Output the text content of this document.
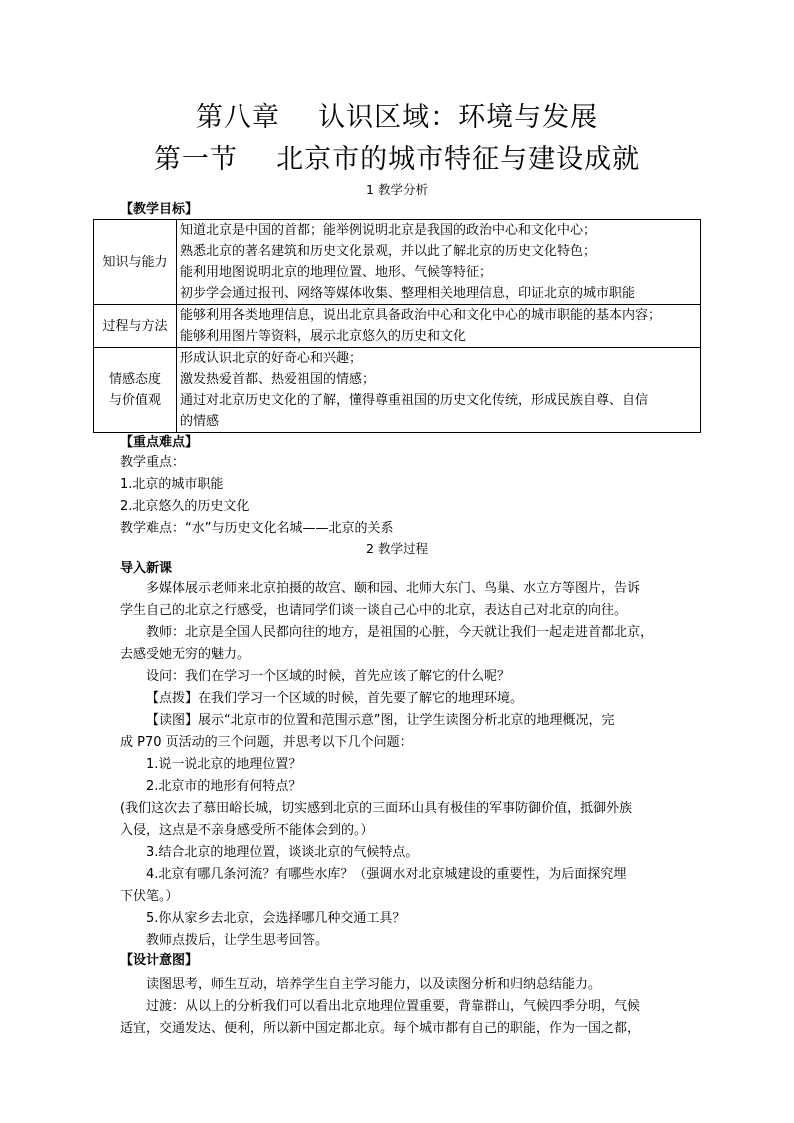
第八章    认识区域：环境与发展
第一节    北京市的城市特征与建设成就
1 教学分析
【教学目标】
知识与能力	知道北京是中国的首都；能举例说明北京是我国的政治中心和文化中心；
熟悉北京的著名建筑和历史文化景观，并以此了解北京的历史文化特色；
能利用地图说明北京的地理位置、地形、气候等特征；
初步学会通过报刊、网络等媒体收集、整理相关地理信息，印证北京的城市职能

过程与方法	能够利用各类地理信息，说出北京具备政治中心和文化中心的城市职能的基本内容；
能够利用图片等资料，展示北京悠久的历史和文化

情感态度
与价值观	形成认识北京的好奇心和兴趣；
激发热爱首都、热爱祖国的情感；
通过对北京历史文化的了解，懂得尊重祖国的历史文化传统，形成民族自尊、自信
的情感
【重点难点】
教学重点：
1.北京的城市职能
2.北京悠久的历史文化
教学难点：“水”与历史文化名城——北京的关系
2 教学过程
导入新课
多媒体展示老师来北京拍摄的故宫、颐和园、北师大东门、鸟巢、水立方等图片，告诉
学生自己的北京之行感受，也请同学们谈一谈自己心中的北京，表达自己对北京的向往。
教师：北京是全国人民都向往的地方，是祖国的心脏，今天就让我们一起走进首都北京，
去感受她无穷的魅力。
设问：我们在学习一个区域的时候，首先应该了解它的什么呢？
【点拨】在我们学习一个区域的时候，首先要了解它的地理环境。
【读图】展示“北京市的位置和范围示意”图，让学生读图分析北京的地理概况，完
成 P70 页活动的三个问题，并思考以下几个问题：
1.说一说北京的地理位置？
2.北京市的地形有何特点？
(我们这次去了慕田峪长城，切实感到北京的三面环山具有极佳的军事防御价值，抵御外族
入侵，这点是不亲身感受所不能体会到的。）
3.结合北京的地理位置，谈谈北京的气候特点。
4.北京有哪几条河流？有哪些水库？（强调水对北京城建设的重要性，为后面探究埋
下伏笔。）
5.你从家乡去北京，会选择哪几种交通工具？
教师点拨后，让学生思考回答。
【设计意图】
读图思考，师生互动，培养学生自主学习能力，以及读图分析和归纳总结能力。
过渡：从以上的分析我们可以看出北京地理位置重要，背靠群山，气候四季分明，气候
适宜，交通发达、便利，所以新中国定都北京。每个城市都有自己的职能，作为一国之都，
